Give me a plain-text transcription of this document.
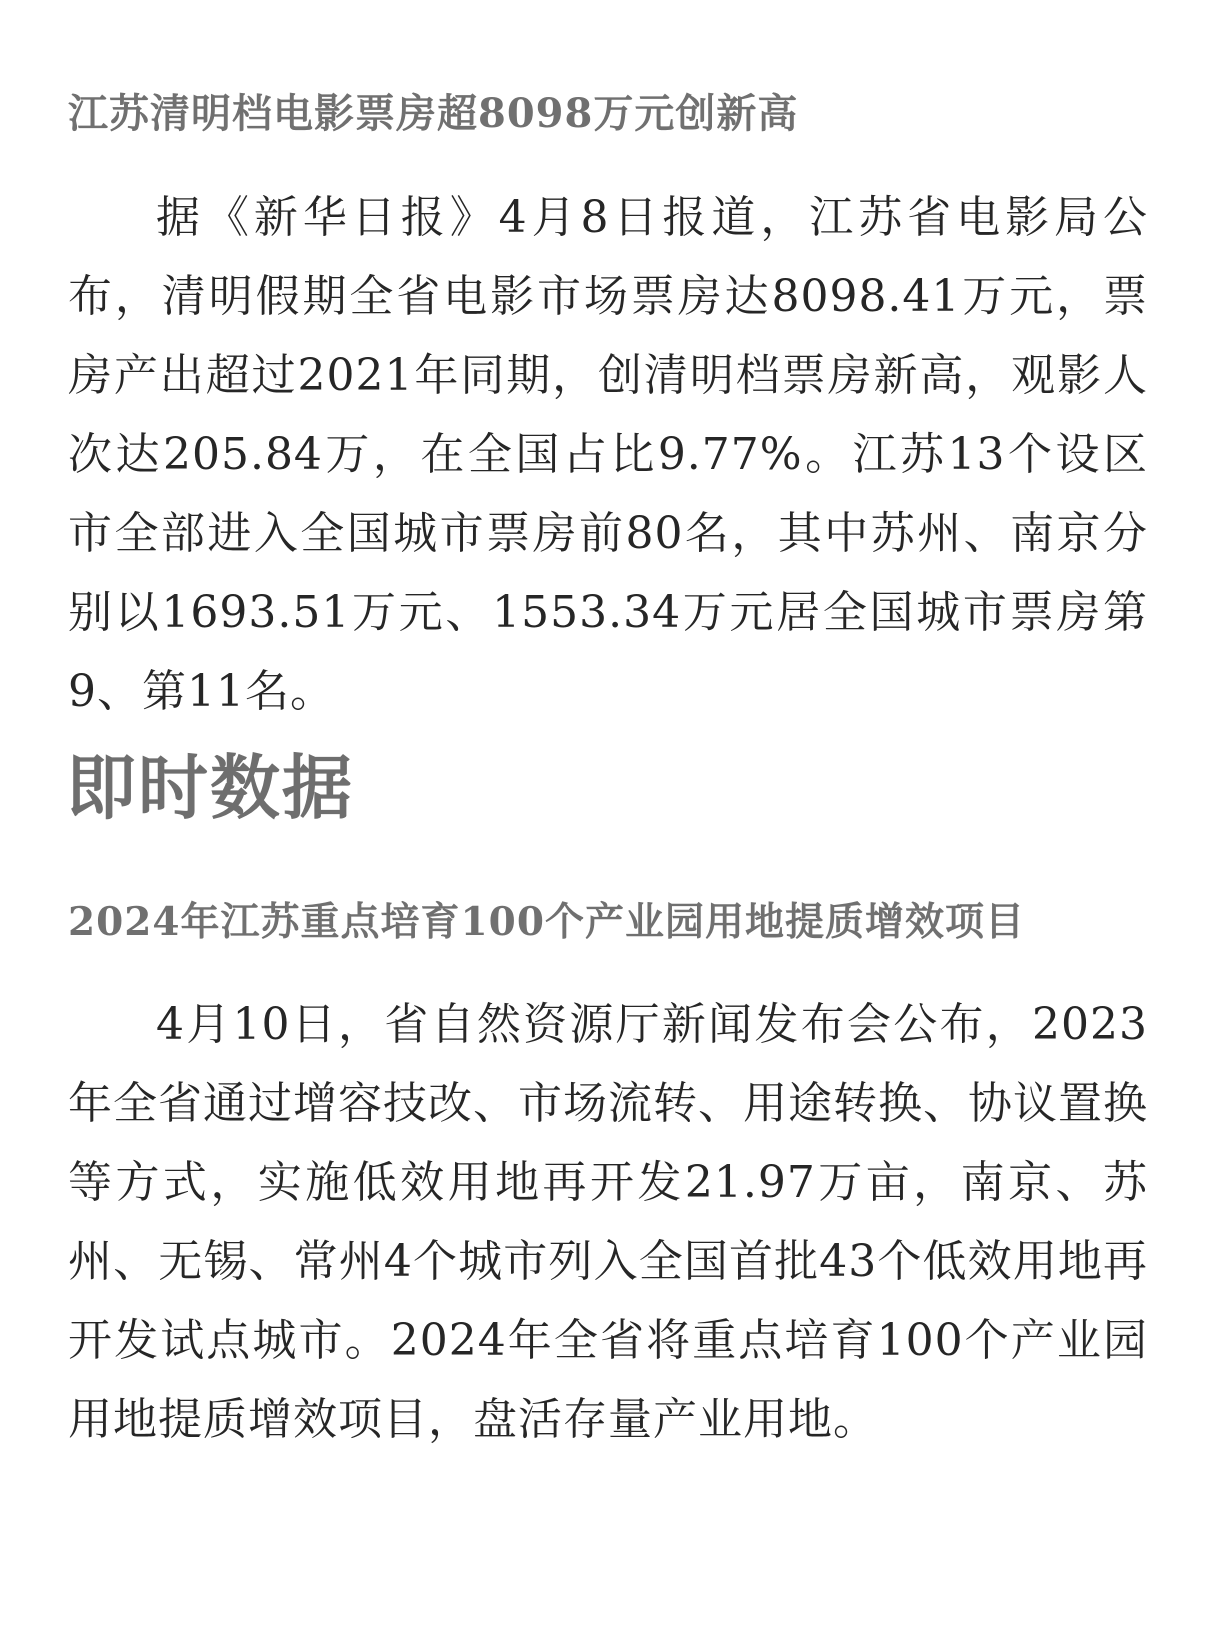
江苏清明档电影票房超8098万元创新高
据《新华日报》4月8日报道，江苏省电影局公布，清明假期全省电影市场票房达8098.41万元，票房产出超过2021年同期，创清明档票房新高，观影人次达205.84万，在全国占比9.77%。江苏13个设区市全部进入全国城市票房前80名，其中苏州、南京分别以1693.51万元、1553.34万元居全国城市票房第9、第11名。
即时数据
2024年江苏重点培育100个产业园用地提质增效项目
4月10日，省自然资源厅新闻发布会公布，2023年全省通过增容技改、市场流转、用途转换、协议置换等方式，实施低效用地再开发21.97万亩，南京、苏州、无锡、常州4个城市列入全国首批43个低效用地再开发试点城市。2024年全省将重点培育100个产业园用地提质增效项目，盘活存量产业用地。
